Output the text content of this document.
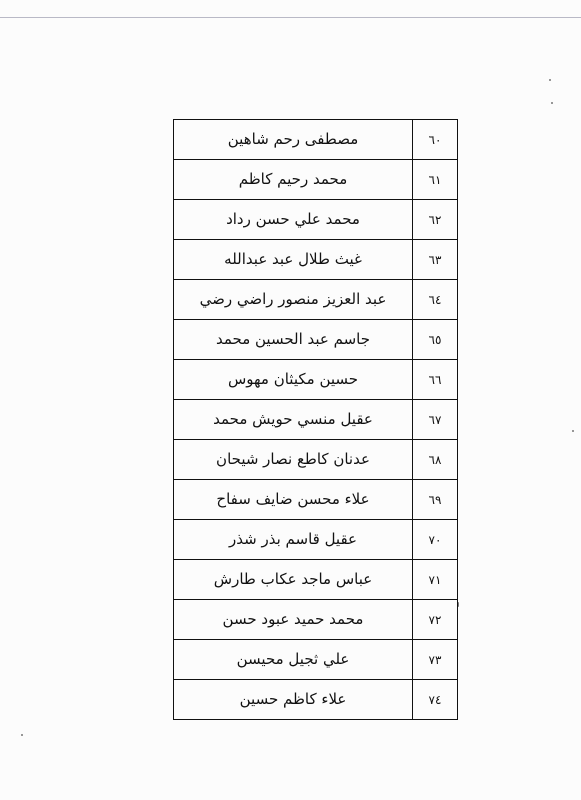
٦٠	مصطفى رحم شاهين
٦١	محمد رحيم كاظم
٦٢	محمد علي حسن رداد
٦٣	غيث طلال عبد عبدالله
٦٤	عبد العزيز منصور راضي رضي
٦٥	جاسم عبد الحسين محمد
٦٦	حسين مكيثان مهوس
٦٧	عقيل منسي حويش محمد
٦٨	عدنان كاطع نصار شيحان
٦٩	علاء محسن ضايف سفاح
٧٠	عقيل قاسم بذر شذر
٧١	عباس ماجد عكاب طارش
٧٢	محمد حميد عبود حسن
٧٣	علي ثجيل محيسن
٧٤	علاء كاظم حسين
